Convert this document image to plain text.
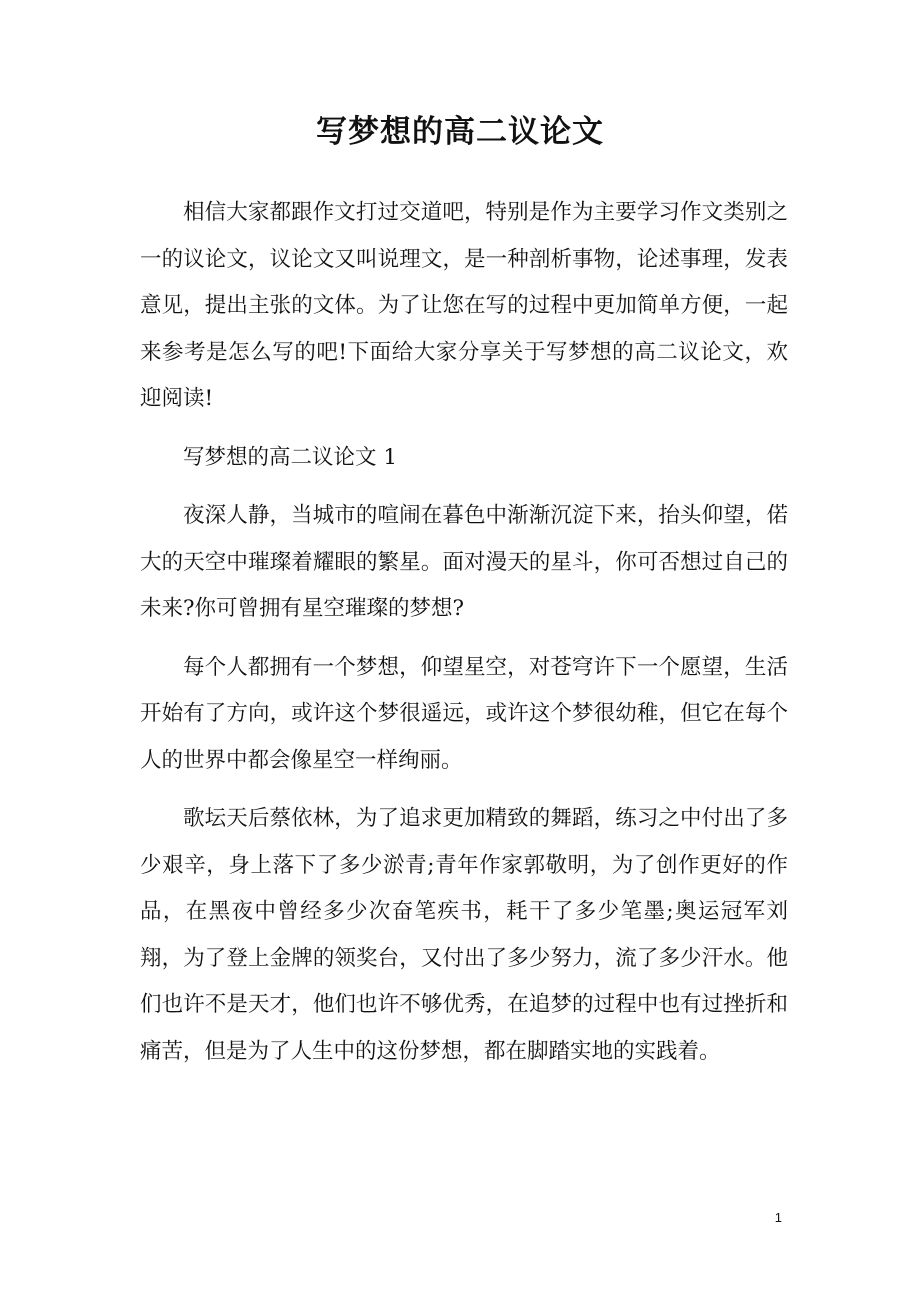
写梦想的高二议论文

相信大家都跟作文打过交道吧，特别是作为主要学习作文类别之一的议论文，议论文又叫说理文，是一种剖析事物，论述事理，发表意见，提出主张的文体。为了让您在写的过程中更加简单方便，一起来参考是怎么写的吧!下面给大家分享关于写梦想的高二议论文，欢迎阅读!

写梦想的高二议论文 1

夜深人静，当城市的喧闹在暮色中渐渐沉淀下来，抬头仰望，偌大的天空中璀璨着耀眼的繁星。面对漫天的星斗，你可否想过自己的未来?你可曾拥有星空璀璨的梦想?

每个人都拥有一个梦想，仰望星空，对苍穹许下一个愿望，生活开始有了方向，或许这个梦很遥远，或许这个梦很幼稚，但它在每个人的世界中都会像星空一样绚丽。

歌坛天后蔡依林，为了追求更加精致的舞蹈，练习之中付出了多少艰辛，身上落下了多少淤青;青年作家郭敬明，为了创作更好的作品，在黑夜中曾经多少次奋笔疾书，耗干了多少笔墨;奥运冠军刘翔，为了登上金牌的领奖台，又付出了多少努力，流了多少汗水。他们也许不是天才，他们也许不够优秀，在追梦的过程中也有过挫折和痛苦，但是为了人生中的这份梦想，都在脚踏实地的实践着。

1
